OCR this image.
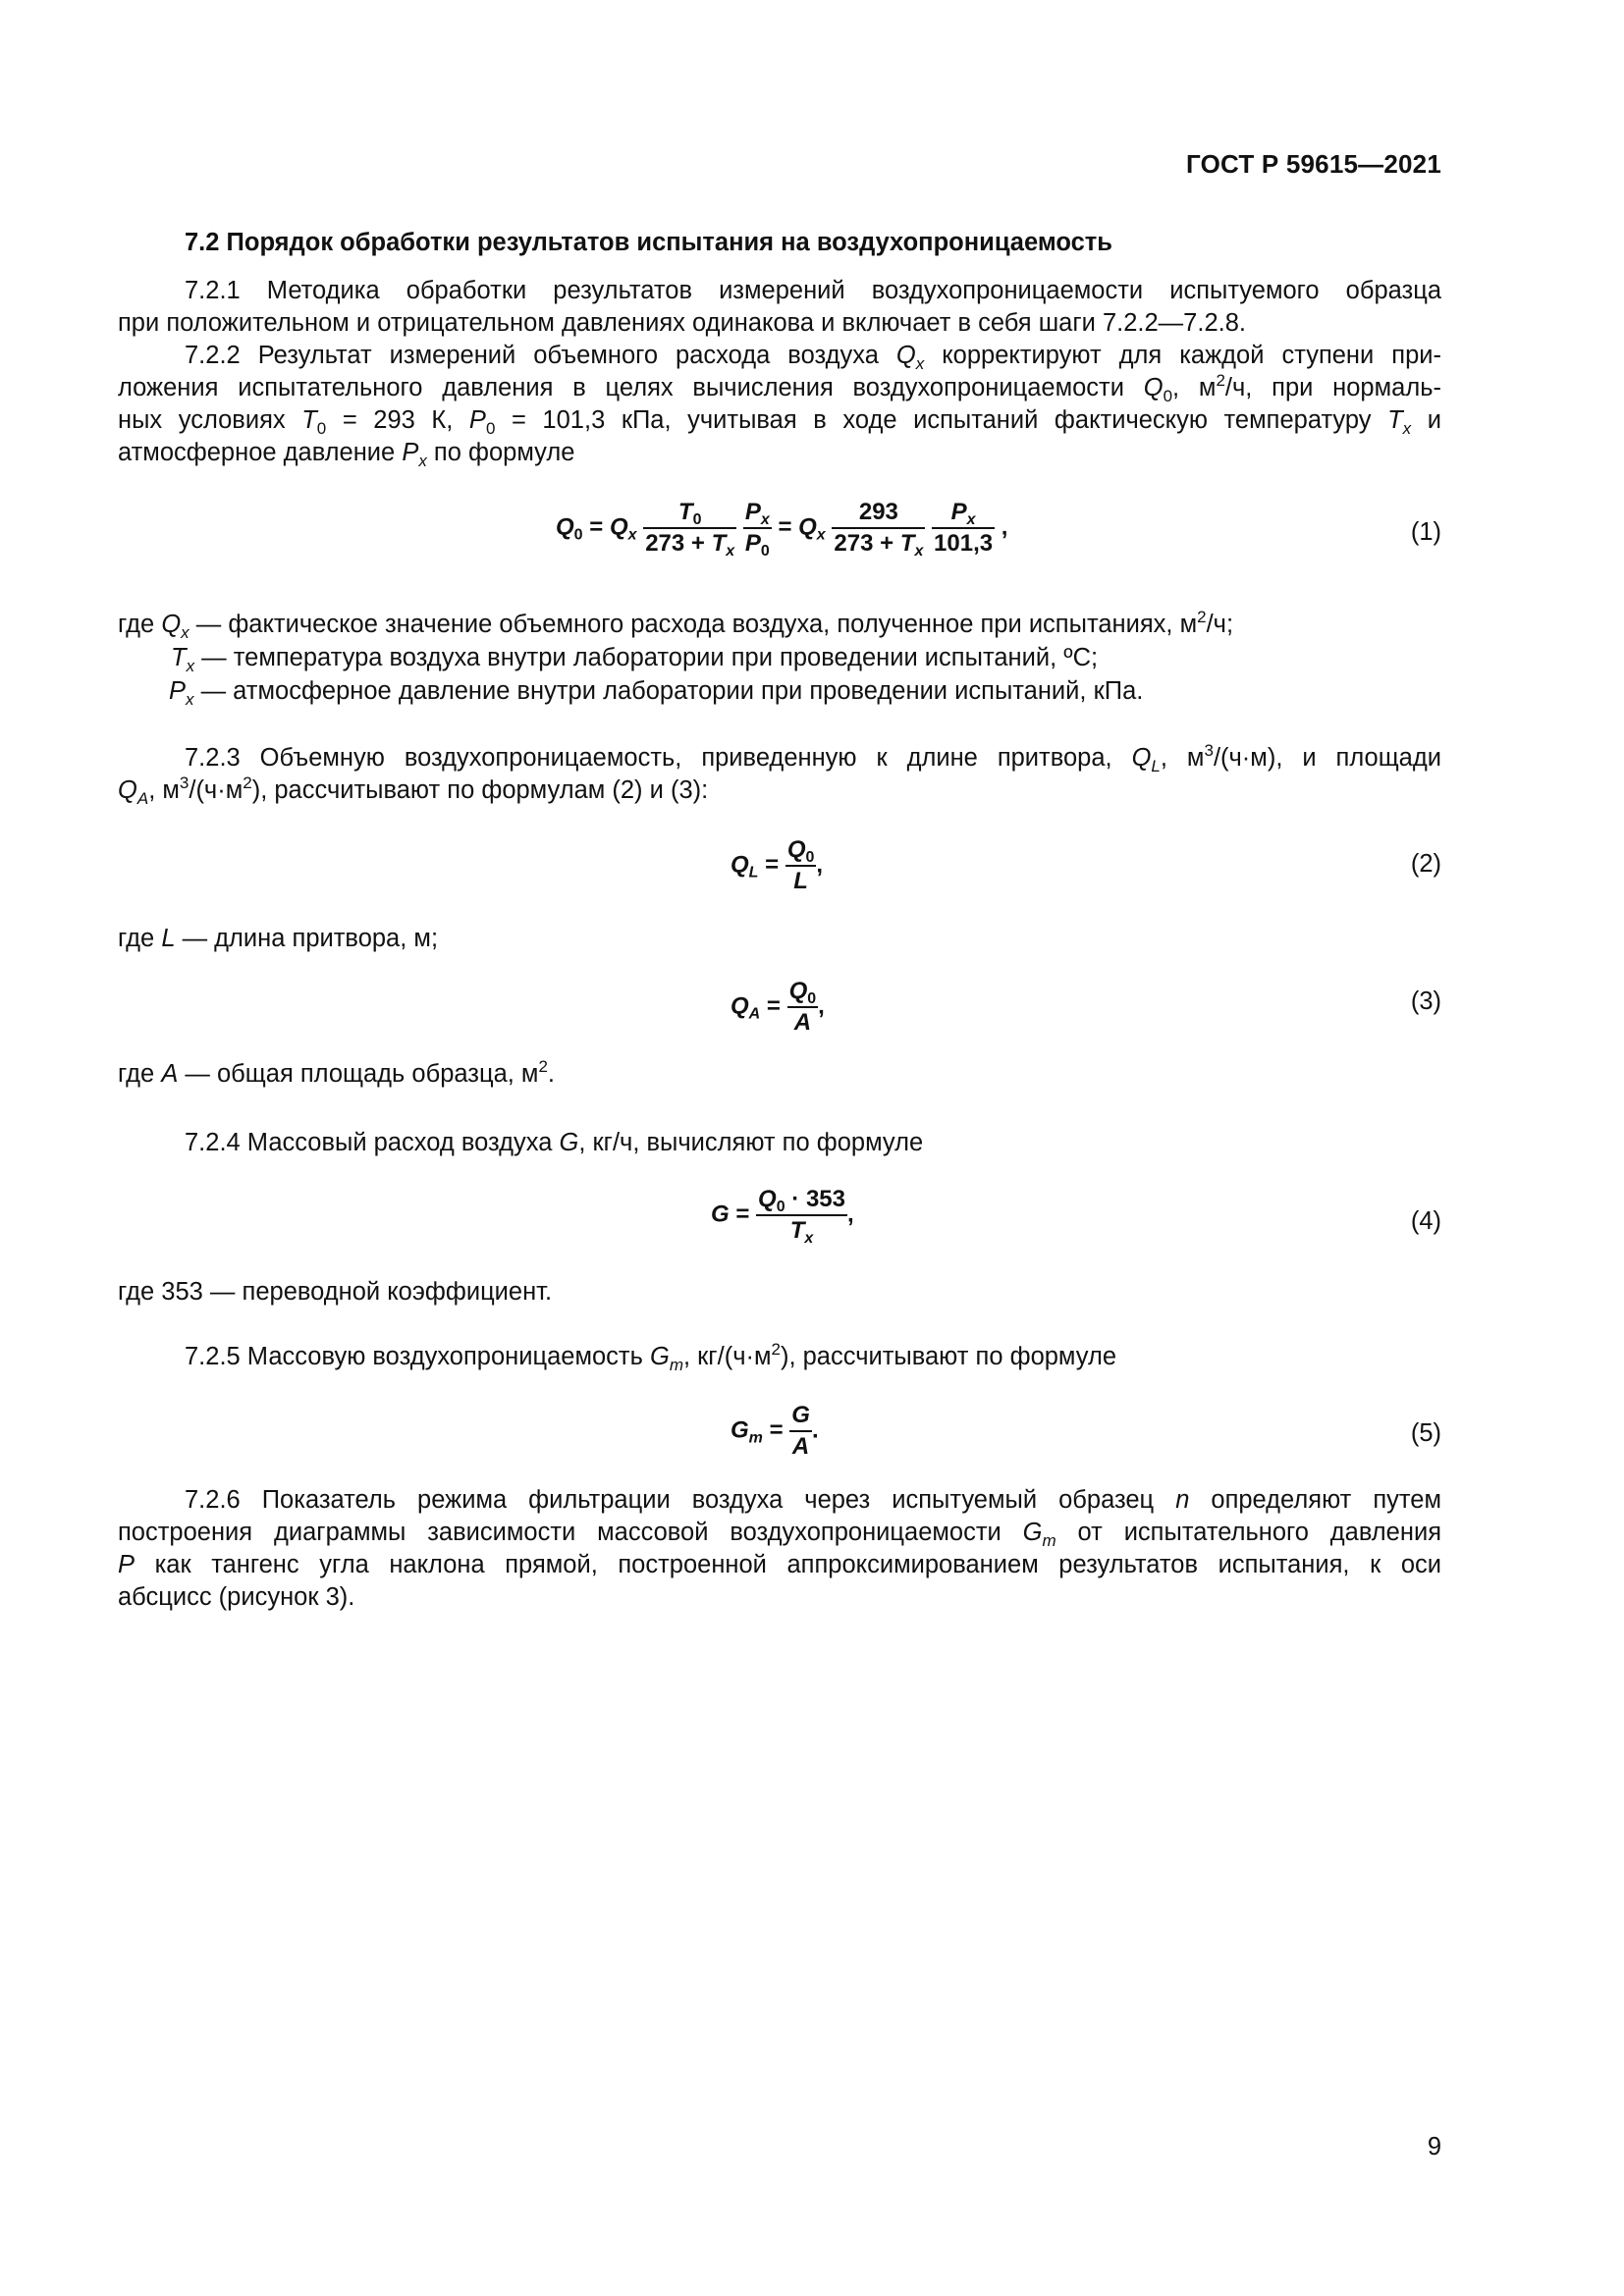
ГОСТ Р 59615—2021
7.2 Порядок обработки результатов испытания на воздухопроницаемость
7.2.1 Методика обработки результатов измерений воздухопроницаемости испытуемого образца
при положительном и отрицательном давлениях одинакова и включает в себя шаги 7.2.2—7.2.8.
7.2.2 Результат измерений объемного расхода воздуха $Q_x$ корректируют для каждой ступени при-
ложения испытательного давления в целях вычисления воздухопроницаемости $Q_0$, $м^2/ч$, при нормаль-
ных условиях $T_0 = 293$ К, $P_0 = 101,3$ кПа, учитывая в ходе испытаний фактическую температуру $T_x$ и
атмосферное давление $P_x$ по формуле
$Q_0 = Q_x \frac{T_0}{273 + T_x}$
$\frac{P_x}{P_0} = Q_x \frac{293}{273 + T_x}$
$\frac{P_x}{101,3}$ ,	(1)
где $Q_x$ — фактическое значение объемного расхода воздуха, полученное при испытаниях, $м^2/ч$;
$T_x$ — температура воздуха внутри лаборатории при проведении испытаний, ºС;
$P_x$ — атмосферное давление внутри лаборатории при проведении испытаний, кПа.
7.2.3 Объемную воздухопроницаемость, приведенную к длине притвора, $Q_L$, $м^3/(ч\cdot м)$, и площади
$Q_A$, $м^3/(ч\cdot м^2)$, рассчитывают по формулам (2) и (3):
$Q_L = \frac{Q_0}{L}$ ,	(2)
где L — длина притвора, м;
$Q_A = \frac{Q_0}{A}$ ,	(3)
где A — общая площадь образца, $м^2$.
7.2.4 Массовый расход воздуха G, кг/ч, вычисляют по формуле
$G = \frac{Q_0 \cdot 353}{T_x}$ ,	(4)
где 353 — переводной коэффициент.
7.2.5 Массовую воздухопроницаемость $G_m$, $кг/(ч\cdot м^2)$, рассчитывают по формуле
$G_m = \frac{G}{A}$ .	(5)
7.2.6 Показатель режима фильтрации воздуха через испытуемый образец n определяют путем
построения диаграммы зависимости массовой воздухопроницаемости $G_m$ от испытательного давления
P как тангенс угла наклона прямой, построенной аппроксимированием результатов испытания, к оси
абсцисс (рисунок 3).
9
